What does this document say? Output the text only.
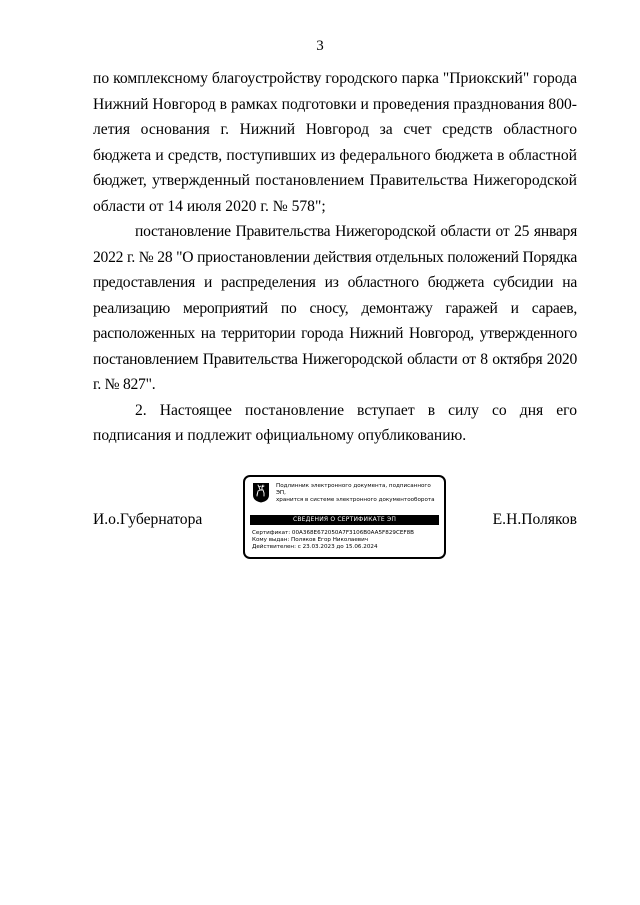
3

по комплексному благоустройству городского парка "Приокский" города Нижний Новгород в рамках подготовки и проведения празднования 800-летия основания г. Нижний Новгород за счет средств областного бюджета и средств, поступивших из федерального бюджета в областной бюджет, утвержденный постановлением Правительства Нижегородской области от 14 июля 2020 г. № 578";

постановление Правительства Нижегородской области от 25 января 2022 г. № 28 "О приостановлении действия отдельных положений Порядка предоставления и распределения из областного бюджета субсидии на реализацию мероприятий по сносу, демонтажу гаражей и сараев, расположенных на территории города Нижний Новгород, утвержденного постановлением Правительства Нижегородской области от 8 октября 2020 г. № 827".

2. Настоящее постановление вступает в силу со дня его подписания и подлежит официальному опубликованию.

И.о.Губернатора
Подлинник электронного документа, подписанного ЭП,
хранится в системе электронного документооборота
СВЕДЕНИЯ О СЕРТИФИКАТЕ ЭП
Сертификат: 00A368E672050A7F3106B0AA5F829CEF8B
Кому выдан: Поляков Егор Николаевич
Действителен: с 23.03.2023 до 15.06.2024
Е.Н.Поляков
